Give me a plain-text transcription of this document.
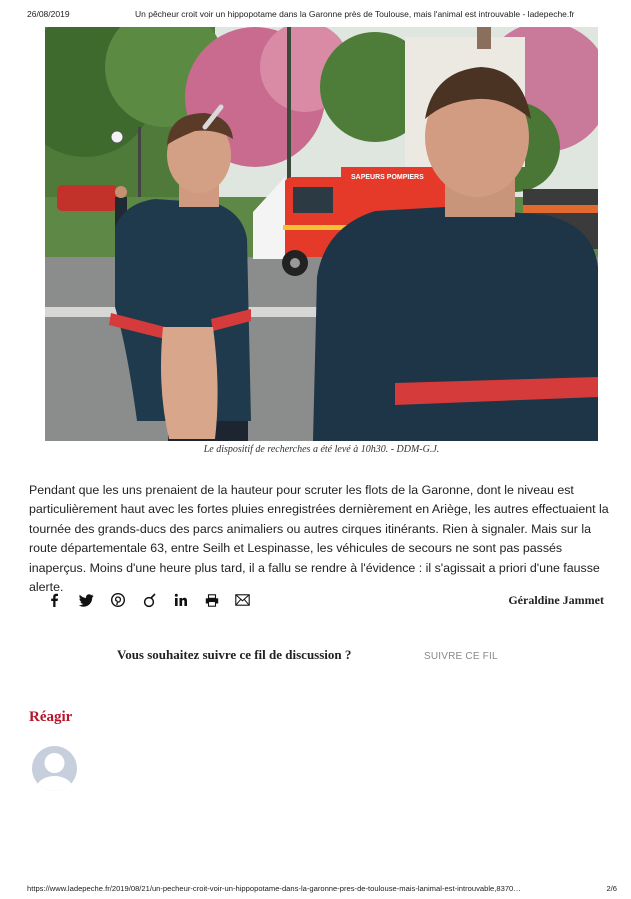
26/08/2019	Un pêcheur croit voir un hippopotame dans la Garonne près de Toulouse, mais l'animal est introuvable - ladepeche.fr
SAPEURS POMPIERS
Le dispositif de recherches a été levé à 10h30. - DDM-G.J.

Pendant que les uns prenaient de la hauteur pour scruter les flots de la Garonne, dont le niveau est particulièrement haut avec les fortes pluies enregistrées dernièrement en Ariège, les autres effectuaient la tournée des grands-ducs des parcs animaliers ou autres cirques itinérants. Rien à signaler. Mais sur la route départementale 63, entre Seilh et Lespinasse, les véhicules de secours ne sont pas passés inaperçus. Moins d'une heure plus tard, il a fallu se rendre à l'évidence : il s'agissait a priori d'une fausse alerte.

Géraldine Jammet
Vous souhaitez suivre ce fil de discussion ?	SUIVRE CE FIL
Réagir
https://www.ladepeche.fr/2019/08/21/un-pecheur-croit-voir-un-hippopotame-dans-la-garonne-pres-de-toulouse-mais-lanimal-est-introuvable,8370…	2/6
